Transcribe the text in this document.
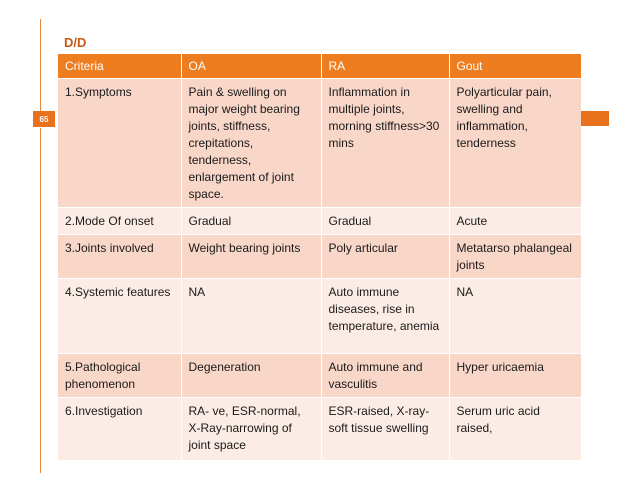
D/D
65
Criteria	OA	RA	Gout
1.Symptoms	Pain & swelling on major weight bearing joints, stiffness, crepitations, tenderness, enlargement of joint space.	Inflammation in multiple joints, morning stiffness>30 mins	Polyarticular pain, swelling and inflammation, tenderness
2.Mode Of onset	Gradual	Gradual	Acute
3.Joints involved	Weight bearing joints	Poly articular	Metatarso phalangeal joints
4.Systemic features	NA	Auto immune diseases, rise in temperature, anemia	NA
5.Pathological phenomenon	Degeneration	Auto immune and vasculitis	Hyper uricaemia
6.Investigation	RA- ve, ESR-normal, X-Ray-narrowing of joint space	ESR-raised, X-ray-soft tissue swelling	Serum uric acid raised,
